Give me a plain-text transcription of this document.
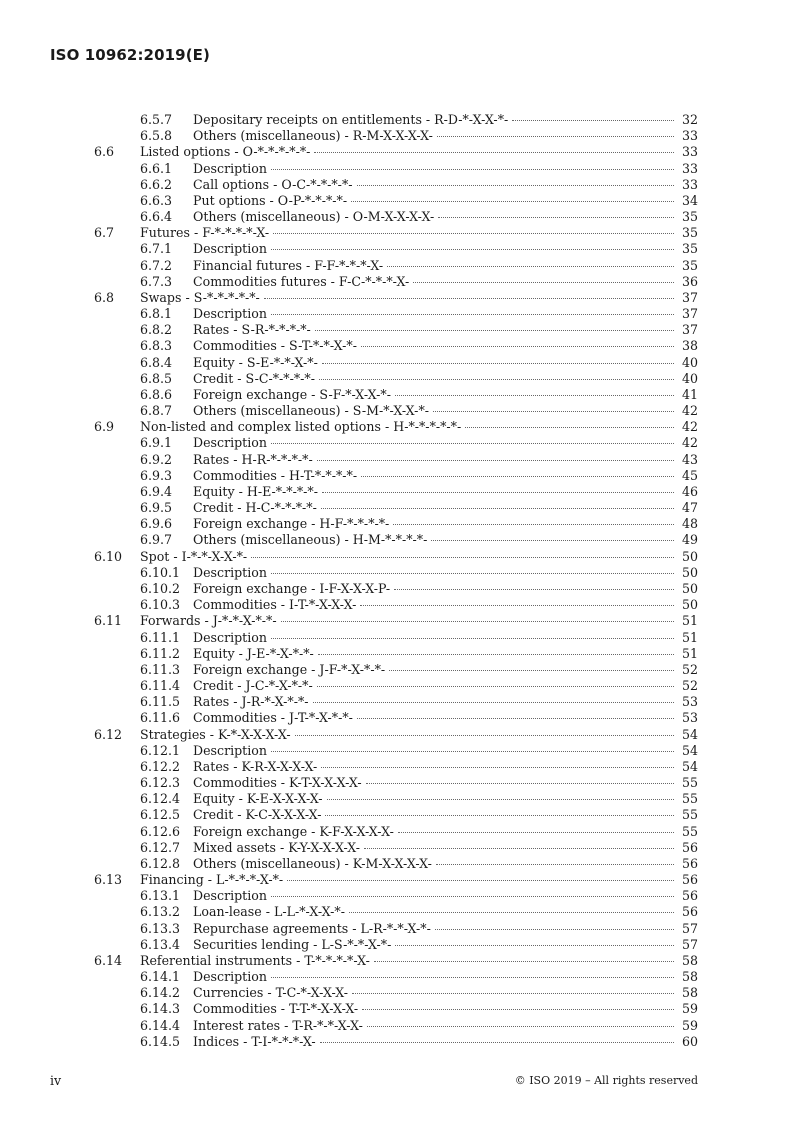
ISO 10962:2019(E)
6.5.7 Depositary receipts on entitlements - R-D-*-X-X-*-	32
6.5.8 Others (miscellaneous) - R-M-X-X-X-X-	33
6.6 Listed options - O-*-*-*-*-*-	33
6.6.1 Description	33
6.6.2 Call options - O-C-*-*-*-*-	33
6.6.3 Put options - O-P-*-*-*-*-	34
6.6.4 Others (miscellaneous) - O-M-X-X-X-X-	35
6.7 Futures - F-*-*-*-*-X-	35
6.7.1 Description	35
6.7.2 Financial futures - F-F-*-*-*-X-	35
6.7.3 Commodities futures - F-C-*-*-*-X-	36
6.8 Swaps - S-*-*-*-*-*-	37
6.8.1 Description	37
6.8.2 Rates - S-R-*-*-*-*-	37
6.8.3 Commodities - S-T-*-*-X-*-	38
6.8.4 Equity - S-E-*-*-X-*-	40
6.8.5 Credit - S-C-*-*-*-*-	40
6.8.6 Foreign exchange - S-F-*-X-X-*-	41
6.8.7 Others (miscellaneous) - S-M-*-X-X-*-	42
6.9 Non-listed and complex listed options - H-*-*-*-*-*-	42
6.9.1 Description	42
6.9.2 Rates - H-R-*-*-*-*-	43
6.9.3 Commodities - H-T-*-*-*-*-	45
6.9.4 Equity - H-E-*-*-*-*-	46
6.9.5 Credit - H-C-*-*-*-*-	47
6.9.6 Foreign exchange - H-F-*-*-*-*-	48
6.9.7 Others (miscellaneous) - H-M-*-*-*-*-	49
6.10 Spot - I-*-*-X-X-*-	50
6.10.1 Description	50
6.10.2 Foreign exchange - I-F-X-X-X-P-	50
6.10.3 Commodities - I-T-*-X-X-X-	50
6.11 Forwards - J-*-*-X-*-*-	51
6.11.1 Description	51
6.11.2 Equity - J-E-*-X-*-*-	51
6.11.3 Foreign exchange - J-F-*-X-*-*-	52
6.11.4 Credit - J-C-*-X-*-*-	52
6.11.5 Rates - J-R-*-X-*-*-	53
6.11.6 Commodities - J-T-*-X-*-*-	53
6.12 Strategies - K-*-X-X-X-X-	54
6.12.1 Description	54
6.12.2 Rates - K-R-X-X-X-X-	54
6.12.3 Commodities - K-T-X-X-X-X-	55
6.12.4 Equity - K-E-X-X-X-X-	55
6.12.5 Credit - K-C-X-X-X-X-	55
6.12.6 Foreign exchange - K-F-X-X-X-X-	55
6.12.7 Mixed assets - K-Y-X-X-X-X-	56
6.12.8 Others (miscellaneous) - K-M-X-X-X-X-	56
6.13 Financing - L-*-*-*-X-*-	56
6.13.1 Description	56
6.13.2 Loan-lease - L-L-*-X-X-*-	56
6.13.3 Repurchase agreements - L-R-*-*-X-*-	57
6.13.4 Securities lending - L-S-*-*-X-*-	57
6.14 Referential instruments - T-*-*-*-*-X-	58
6.14.1 Description	58
6.14.2 Currencies - T-C-*-X-X-X-	58
6.14.3 Commodities - T-T-*-X-X-X-	59
6.14.4 Interest rates - T-R-*-*-X-X-	59
6.14.5 Indices - T-I-*-*-*-X-	60
iv	© ISO 2019 – All rights reserved
